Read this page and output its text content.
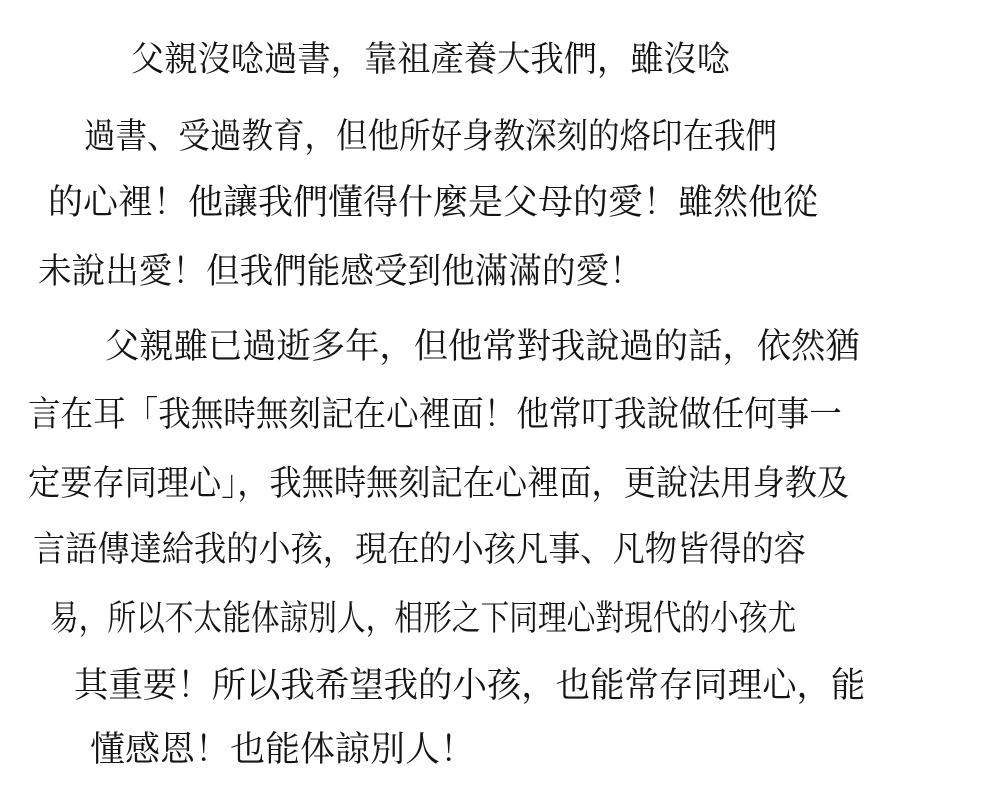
父親沒唸過書，靠祖產養大我們，雖沒唸
過書、受過教育，但他所好身教深刻的烙印在我們
的心裡！他讓我們懂得什麼是父母的愛！雖然他從
未說出愛！但我們能感受到他滿滿的愛！
父親雖已過逝多年，但他常對我說過的話，依然猶
言在耳「我無時無刻記在心裡面！他常叮我說做任何事一
定要存同理心」，我無時無刻記在心裡面，更說法用身教及
言語傳達給我的小孩，現在的小孩凡事、凡物皆得的容
易，所以不太能体諒別人，相形之下同理心對現代的小孩尤
其重要！所以我希望我的小孩，也能常存同理心，能
懂感恩！也能体諒別人！
